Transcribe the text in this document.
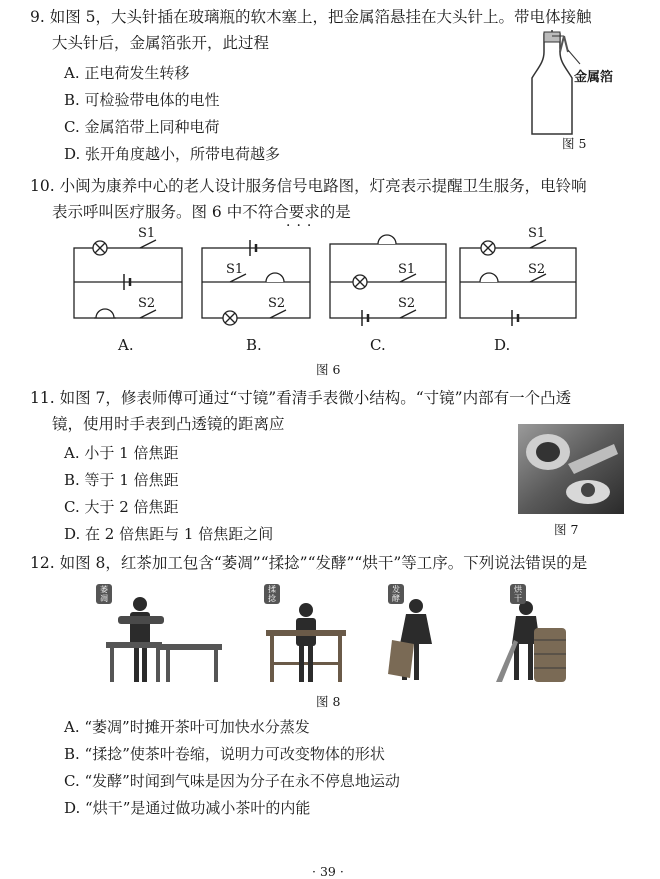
9. 如图 5，大头针插在玻璃瓶的软木塞上，把金属箔悬挂在大头针上。带电体接触
大头针后，金属箔张开，此过程
A. 正电荷发生转移
B. 可检验带电体的电性
C. 金属箔带上同种电荷
D. 张开角度越小，所带电荷越多
金属箔
图 5
10. 小闽为康养中心的老人设计服务信号电路图，灯亮表示提醒卫生服务，电铃响
表示呼叫医疗服务。图 6 中不符合要求的是
···
S1
S2
S1
S2
S1
S2
S1
S2
A.	B.	C.	D.
图 6
11. 如图 7，修表师傅可通过“寸镜”看清手表微小结构。“寸镜”内部有一个凸透
镜，使用时手表到凸透镜的距离应
A. 小于 1 倍焦距
B. 等于 1 倍焦距
C. 大于 2 倍焦距
D. 在 2 倍焦距与 1 倍焦距之间	图 7
12. 如图 8，红茶加工包含“萎凋”“揉捻”“发酵”“烘干”等工序。下列说法错误的是
萎凋
揉捻
发酵
烘干
图 8
A. “萎凋”时摊开茶叶可加快水分蒸发
B. “揉捻”使茶叶卷缩，说明力可改变物体的形状
C. “发酵”时闻到气味是因为分子在永不停息地运动
D. “烘干”是通过做功减小茶叶的内能
· 39 ·
